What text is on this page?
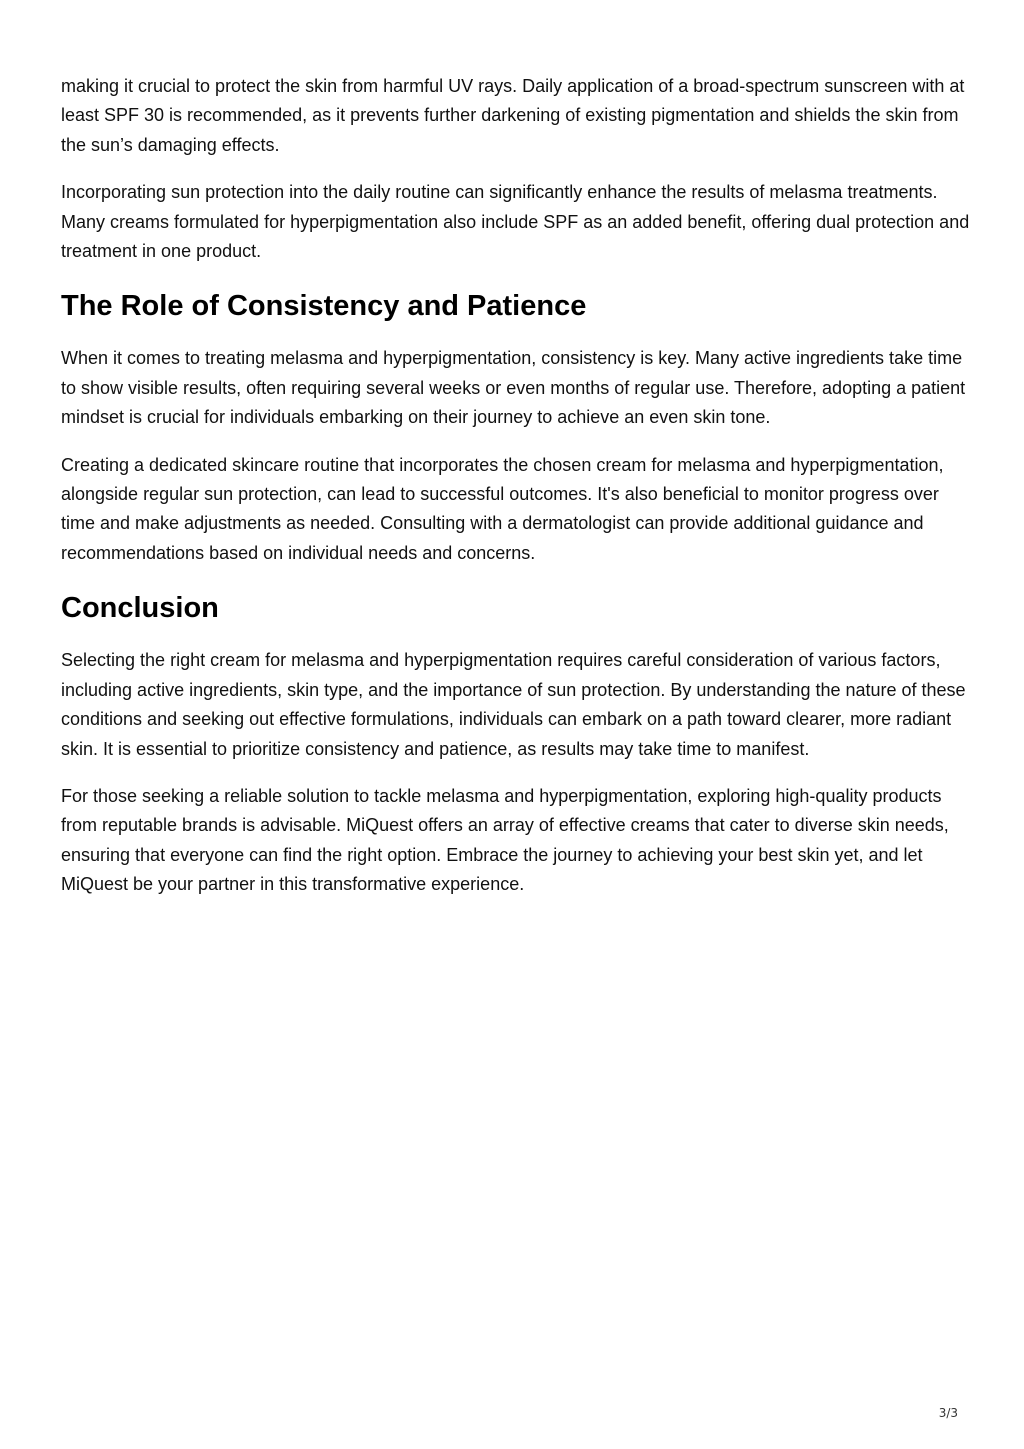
making it crucial to protect the skin from harmful UV rays. Daily application of a broad-spectrum sunscreen with at least SPF 30 is recommended, as it prevents further darkening of existing pigmentation and shields the skin from the sun’s damaging effects.

Incorporating sun protection into the daily routine can significantly enhance the results of melasma treatments. Many creams formulated for hyperpigmentation also include SPF as an added benefit, offering dual protection and treatment in one product.

The Role of Consistency and Patience

When it comes to treating melasma and hyperpigmentation, consistency is key. Many active ingredients take time to show visible results, often requiring several weeks or even months of regular use. Therefore, adopting a patient mindset is crucial for individuals embarking on their journey to achieve an even skin tone.

Creating a dedicated skincare routine that incorporates the chosen cream for melasma and hyperpigmentation, alongside regular sun protection, can lead to successful outcomes. It's also beneficial to monitor progress over time and make adjustments as needed. Consulting with a dermatologist can provide additional guidance and recommendations based on individual needs and concerns.

Conclusion

Selecting the right cream for melasma and hyperpigmentation requires careful consideration of various factors, including active ingredients, skin type, and the importance of sun protection. By understanding the nature of these conditions and seeking out effective formulations, individuals can embark on a path toward clearer, more radiant skin. It is essential to prioritize consistency and patience, as results may take time to manifest.

For those seeking a reliable solution to tackle melasma and hyperpigmentation, exploring high-quality products from reputable brands is advisable. MiQuest offers an array of effective creams that cater to diverse skin needs, ensuring that everyone can find the right option. Embrace the journey to achieving your best skin yet, and let MiQuest be your partner in this transformative experience.

3/3
